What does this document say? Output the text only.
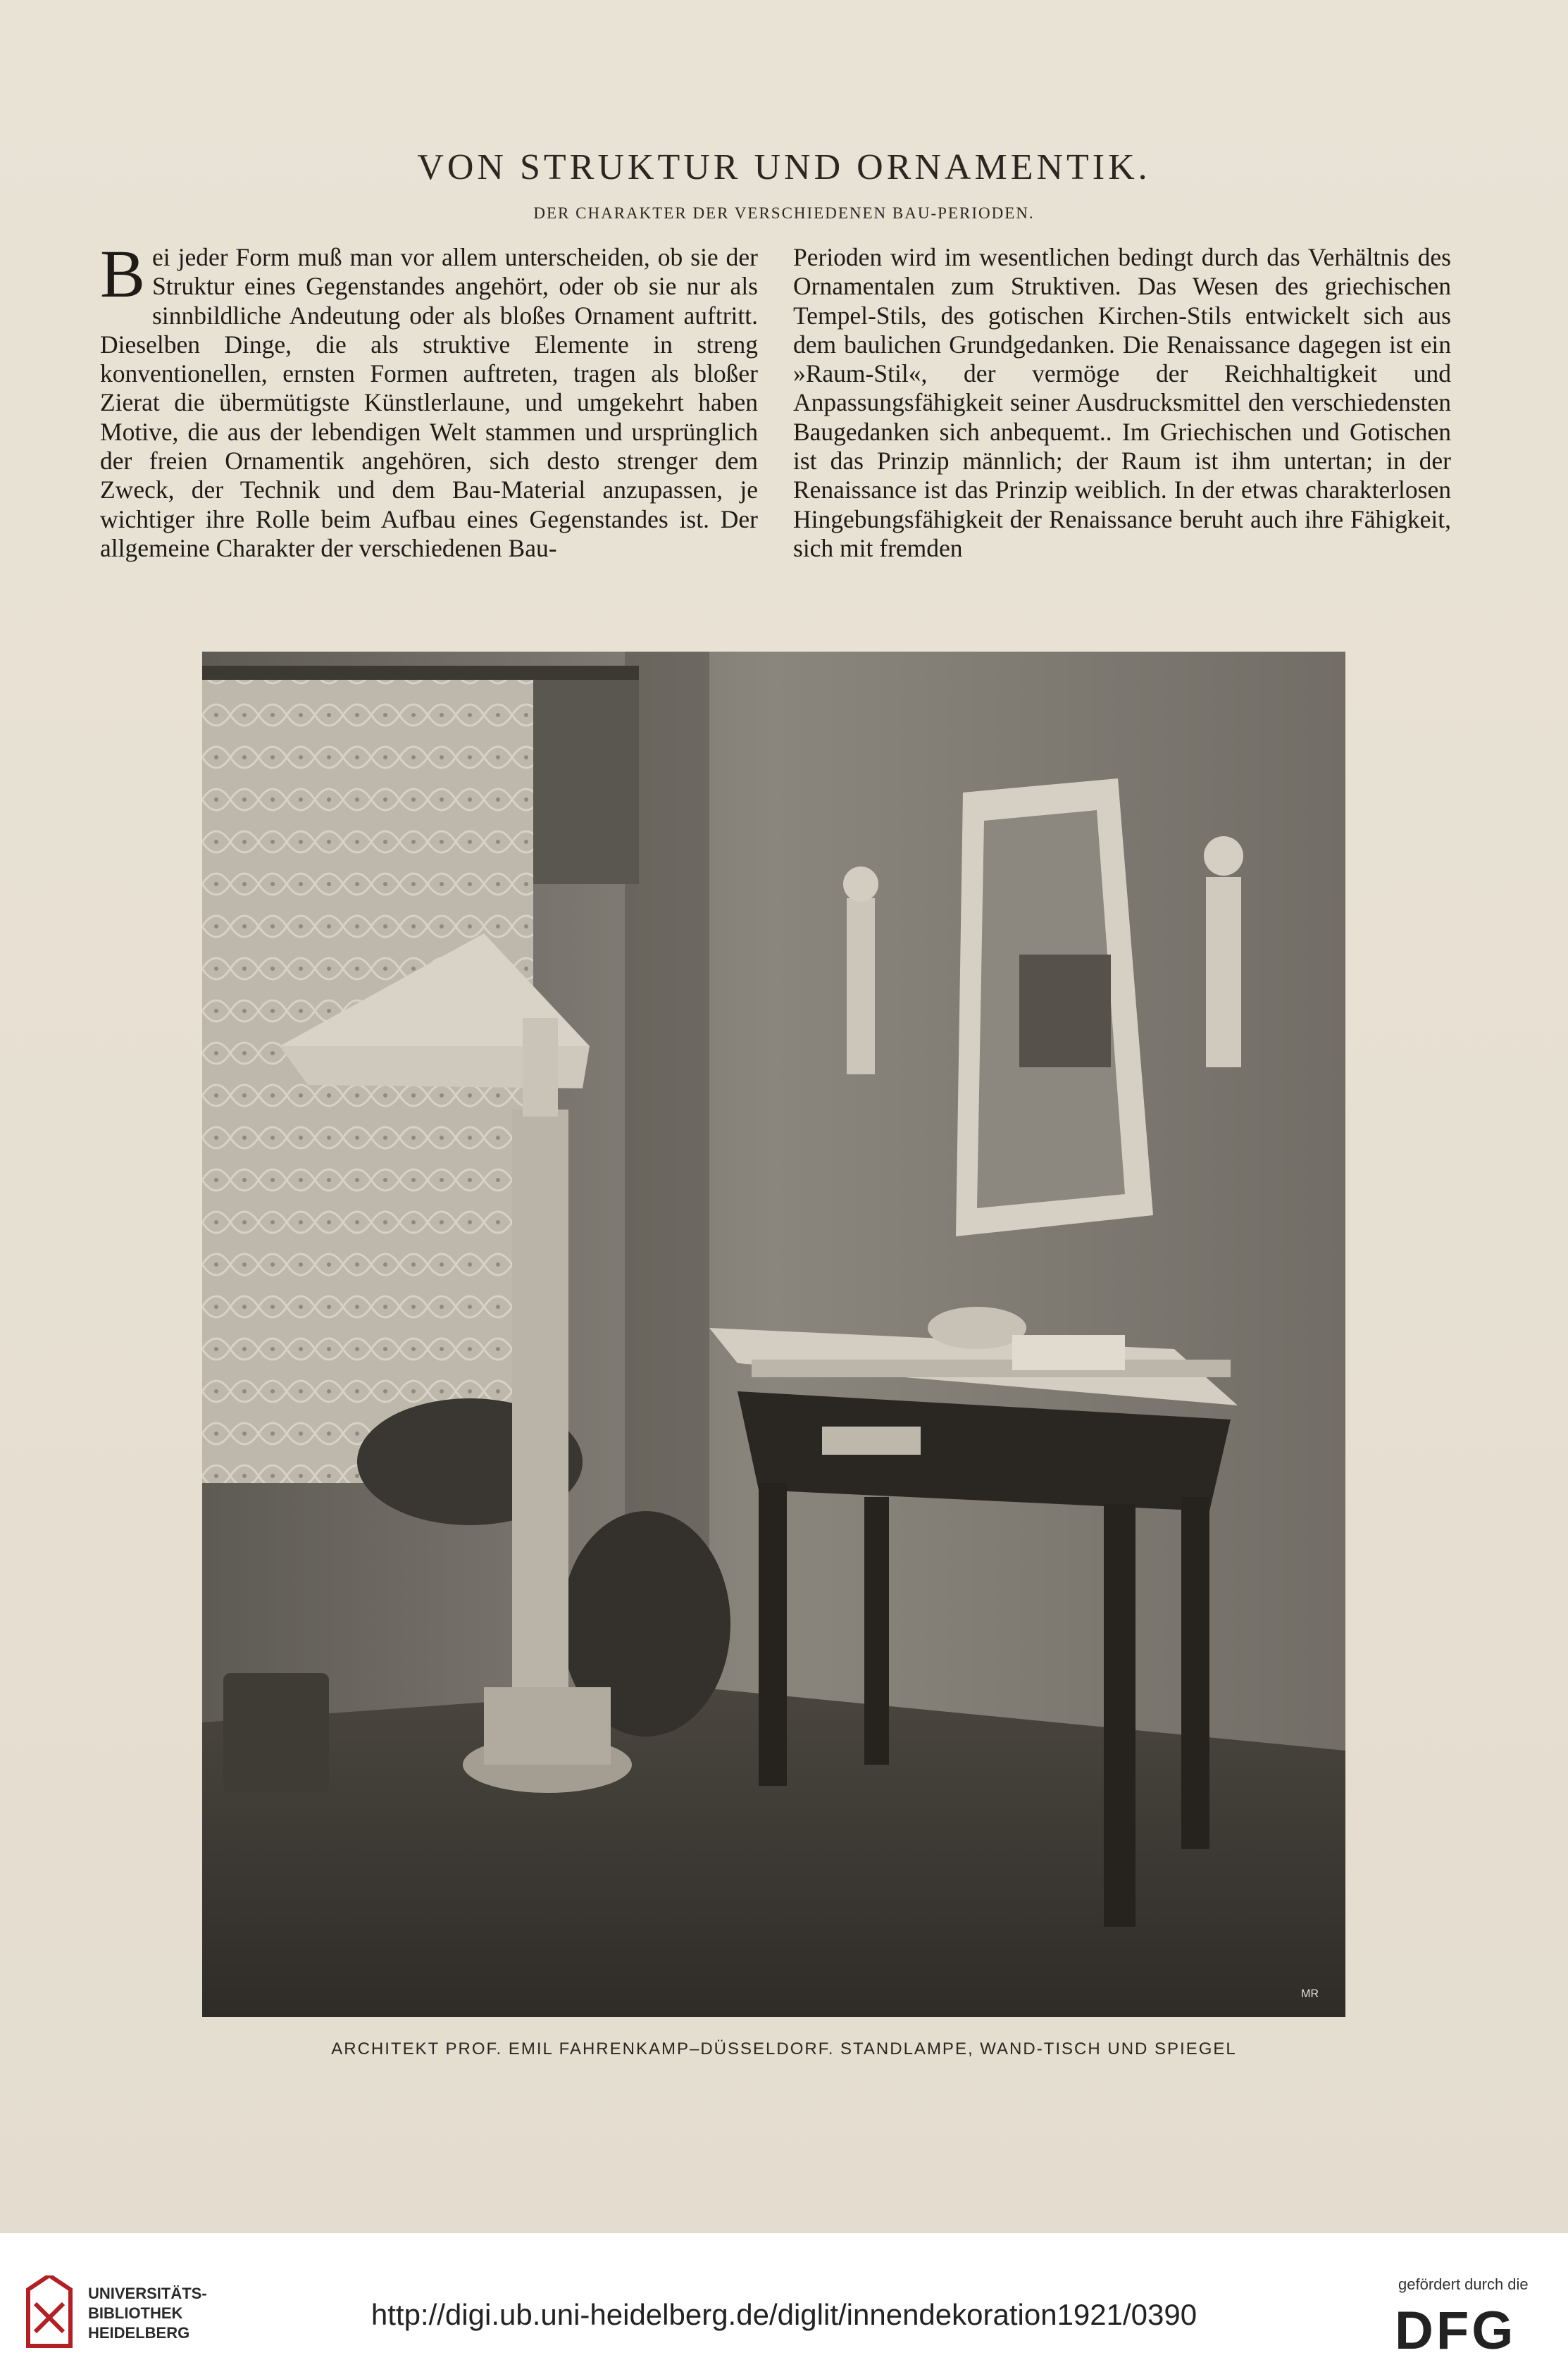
VON STRUKTUR UND ORNAMENTIK.
DER CHARAKTER DER VERSCHIEDENEN BAU-PERIODEN.
Bei jeder Form muß man vor allem unterscheiden, ob sie der Struktur eines Gegenstandes angehört, oder ob sie nur als sinnbildliche Andeutung oder als bloßes Ornament auftritt. Dieselben Dinge, die als struktive Elemente in streng konventionellen, ernsten Formen auftreten, tragen als bloßer Zierat die übermütigste Künstlerlaune, und umgekehrt haben Motive, die aus der lebendigen Welt stammen und ursprünglich der freien Ornamentik angehören, sich desto strenger dem Zweck, der Technik und dem Bau-Material anzupassen, je wichtiger ihre Rolle beim Aufbau eines Gegenstandes ist. Der allgemeine Charakter der verschiedenen Bau-
Perioden wird im wesentlichen bedingt durch das Verhältnis des Ornamentalen zum Struktiven. Das Wesen des griechischen Tempel-Stils, des gotischen Kirchen-Stils entwickelt sich aus dem baulichen Grundgedanken. Die Renaissance dagegen ist ein »Raum-Stil«, der vermöge der Reichhaltigkeit und Anpassungsfähigkeit seiner Ausdrucksmittel den verschiedensten Baugedanken sich anbequemt.. Im Griechischen und Gotischen ist das Prinzip männlich; der Raum ist ihm untertan; in der Renaissance ist das Prinzip weiblich. In der etwas charakterlosen Hingebungsfähigkeit der Renaissance beruht auch ihre Fähigkeit, sich mit fremden
MR
ARCHITEKT PROF. EMIL FAHRENKAMP–DÜSSELDORF. STANDLAMPE, WAND-TISCH UND SPIEGEL
UNIVERSITÄTS-
BIBLIOTHEK
HEIDELBERG
http://digi.ub.uni-heidelberg.de/diglit/innendekoration1921/0390
gefördert durch die
DFG
